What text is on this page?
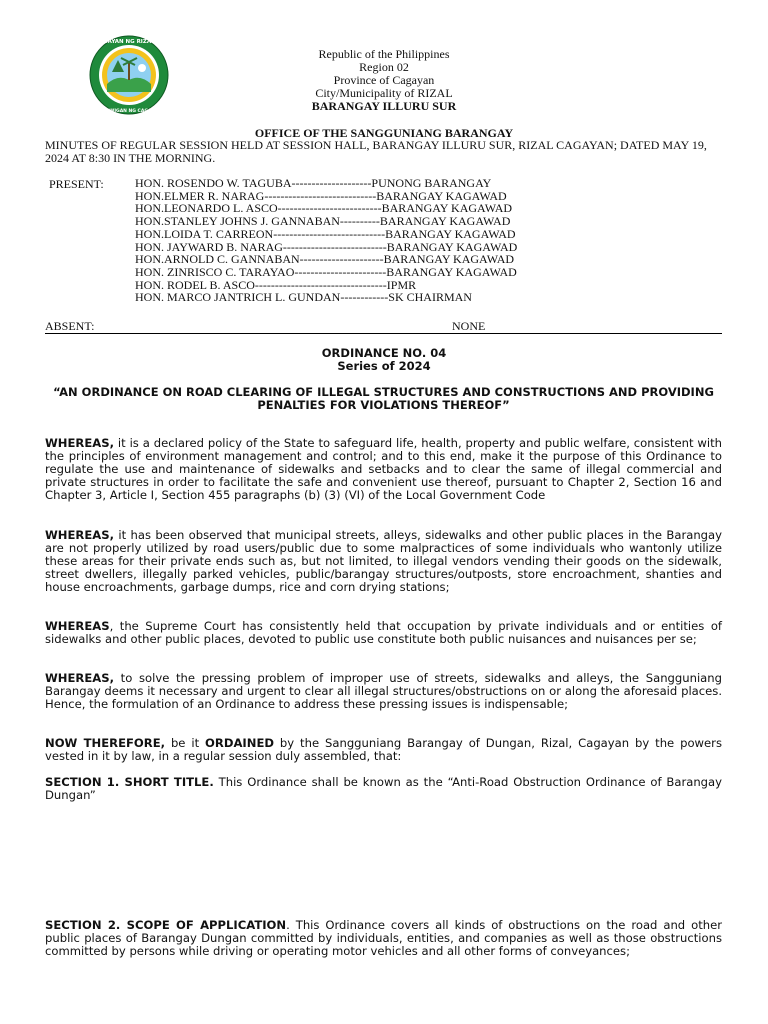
BAYAN NG RIZAL
LALAWIGAN NG CAGAYAN
Republic of the Philippines
Region 02
Province of Cagayan
City/Municipality of RIZAL
BARANGAY ILLURU SUR
OFFICE OF THE SANGGUNIANG BARANGAY
MINUTES OF REGULAR SESSION HELD AT SESSION HALL, BARANGAY ILLURU SUR, RIZAL CAGAYAN; DATED MAY 19, 2024 AT 8:30 IN THE MORNING.
PRESENT:	HON. ROSENDO W. TAGUBA--------------------PUNONG BARANGAY
HON.ELMER R. NARAG----------------------------BARANGAY KAGAWAD
HON.LEONARDO L. ASCO--------------------------BARANGAY KAGAWAD
HON.STANLEY JOHNS J. GANNABAN----------BARANGAY KAGAWAD
HON.LOIDA T. CARREON----------------------------BARANGAY KAGAWAD
HON. JAYWARD B. NARAG--------------------------BARANGAY KAGAWAD
HON.ARNOLD C. GANNABAN---------------------BARANGAY KAGAWAD
HON. ZINRISCO C. TARAYAO-----------------------BARANGAY KAGAWAD
HON. RODEL B. ASCO---------------------------------IPMR
HON. MARCO JANTRICH L. GUNDAN------------SK CHAIRMAN
ABSENT:	NONE
ORDINANCE NO. 04
Series of 2024
“AN ORDINANCE ON ROAD CLEARING OF ILLEGAL STRUCTURES AND CONSTRUCTIONS AND PROVIDING PENALTIES FOR VIOLATIONS THEREOF”
WHEREAS, it is a declared policy of the State to safeguard life, health, property and public welfare, consistent with the principles of environment management and control; and to this end, make it the purpose of this Ordinance to regulate the use and maintenance of sidewalks and setbacks and to clear the same of illegal commercial and private structures in order to facilitate the safe and convenient use thereof, pursuant to Chapter 2, Section 16 and Chapter 3, Article I, Section 455 paragraphs (b) (3) (VI) of the Local Government Code
WHEREAS, it has been observed that municipal streets, alleys, sidewalks and other public places in the Barangay are not properly utilized by road users/public due to some malpractices of some individuals who wantonly utilize these areas for their private ends such as, but not limited, to illegal vendors vending their goods on the sidewalk, street dwellers, illegally parked vehicles, public/barangay structures/outposts, store encroachment, shanties and house encroachments, garbage dumps, rice and corn drying stations;
WHEREAS, the Supreme Court has consistently held that occupation by private individuals and or entities of sidewalks and other public places, devoted to public use constitute both public nuisances and nuisances per se;
WHEREAS, to solve the pressing problem of improper use of streets, sidewalks and alleys, the Sangguniang Barangay deems it necessary and urgent to clear all illegal structures/obstructions on or along the aforesaid places. Hence, the formulation of an Ordinance to address these pressing issues is indispensable;
NOW THEREFORE, be it ORDAINED by the Sangguniang Barangay of Dungan, Rizal, Cagayan by the powers vested in it by law, in a regular session duly assembled, that:
SECTION 1. SHORT TITLE. This Ordinance shall be known as the “Anti-Road Obstruction Ordinance of Barangay Dungan”
SECTION 2. SCOPE OF APPLICATION. This Ordinance covers all kinds of obstructions on the road and other public places of Barangay Dungan committed by individuals, entities, and companies as well as those obstructions committed by persons while driving or operating motor vehicles and all other forms of conveyances;
